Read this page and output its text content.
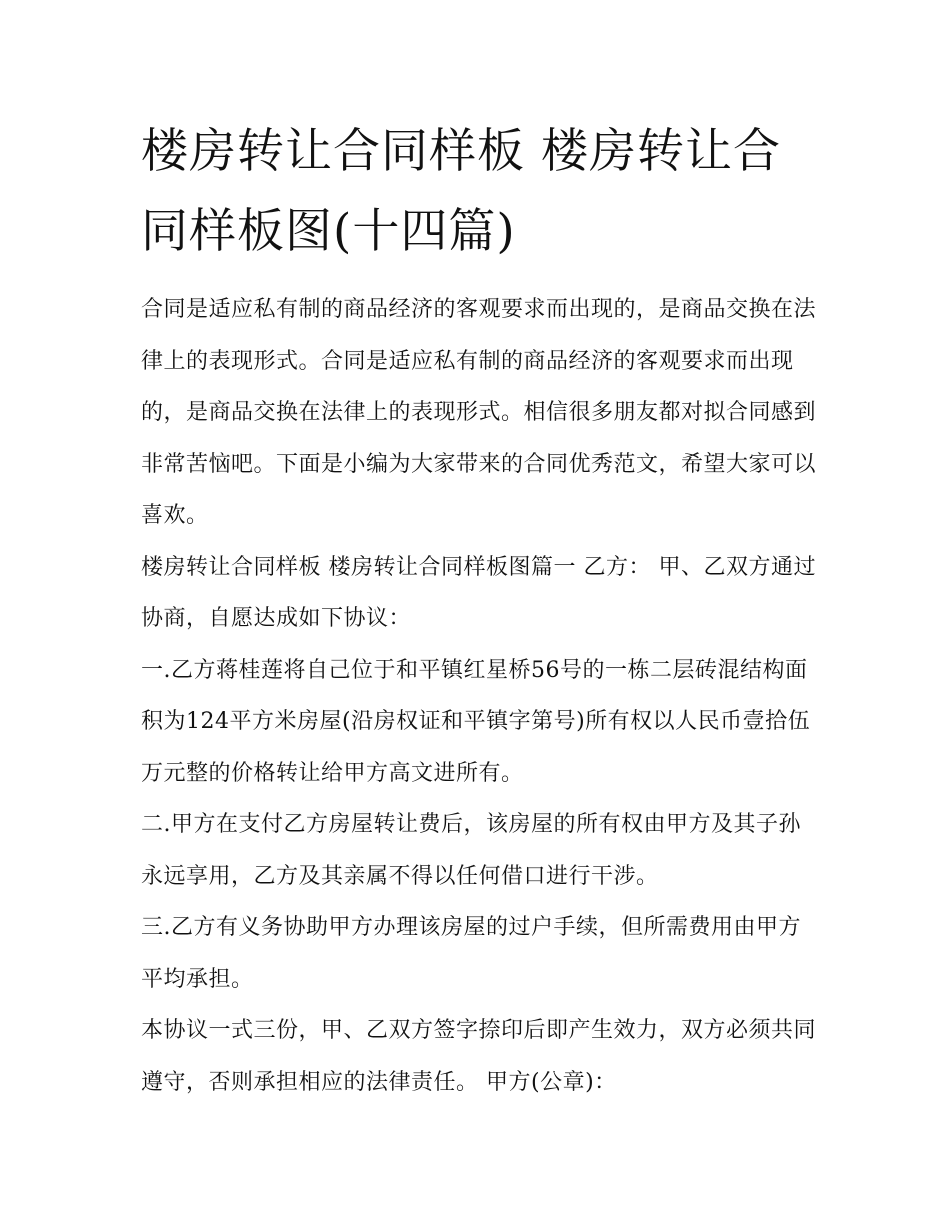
楼房转让合同样板 楼房转让合同样板图(十四篇)

合同是适应私有制的商品经济的客观要求而出现的，是商品交换在法律上的表现形式。合同是适应私有制的商品经济的客观要求而出现的，是商品交换在法律上的表现形式。相信很多朋友都对拟合同感到非常苦恼吧。下面是小编为大家带来的合同优秀范文，希望大家可以喜欢。

楼房转让合同样板 楼房转让合同样板图篇一 乙方： 甲、乙双方通过协商，自愿达成如下协议：

一.乙方蒋桂莲将自己位于和平镇红星桥56号的一栋二层砖混结构面积为124平方米房屋(沿房权证和平镇字第号)所有权以人民币壹拾伍万元整的价格转让给甲方高文进所有。

二.甲方在支付乙方房屋转让费后，该房屋的所有权由甲方及其子孙永远享用，乙方及其亲属不得以任何借口进行干涉。

三.乙方有义务协助甲方办理该房屋的过户手续，但所需费用由甲方平均承担。

本协议一式三份，甲、乙双方签字捺印后即产生效力，双方必须共同遵守，否则承担相应的法律责任。 甲方(公章)：
